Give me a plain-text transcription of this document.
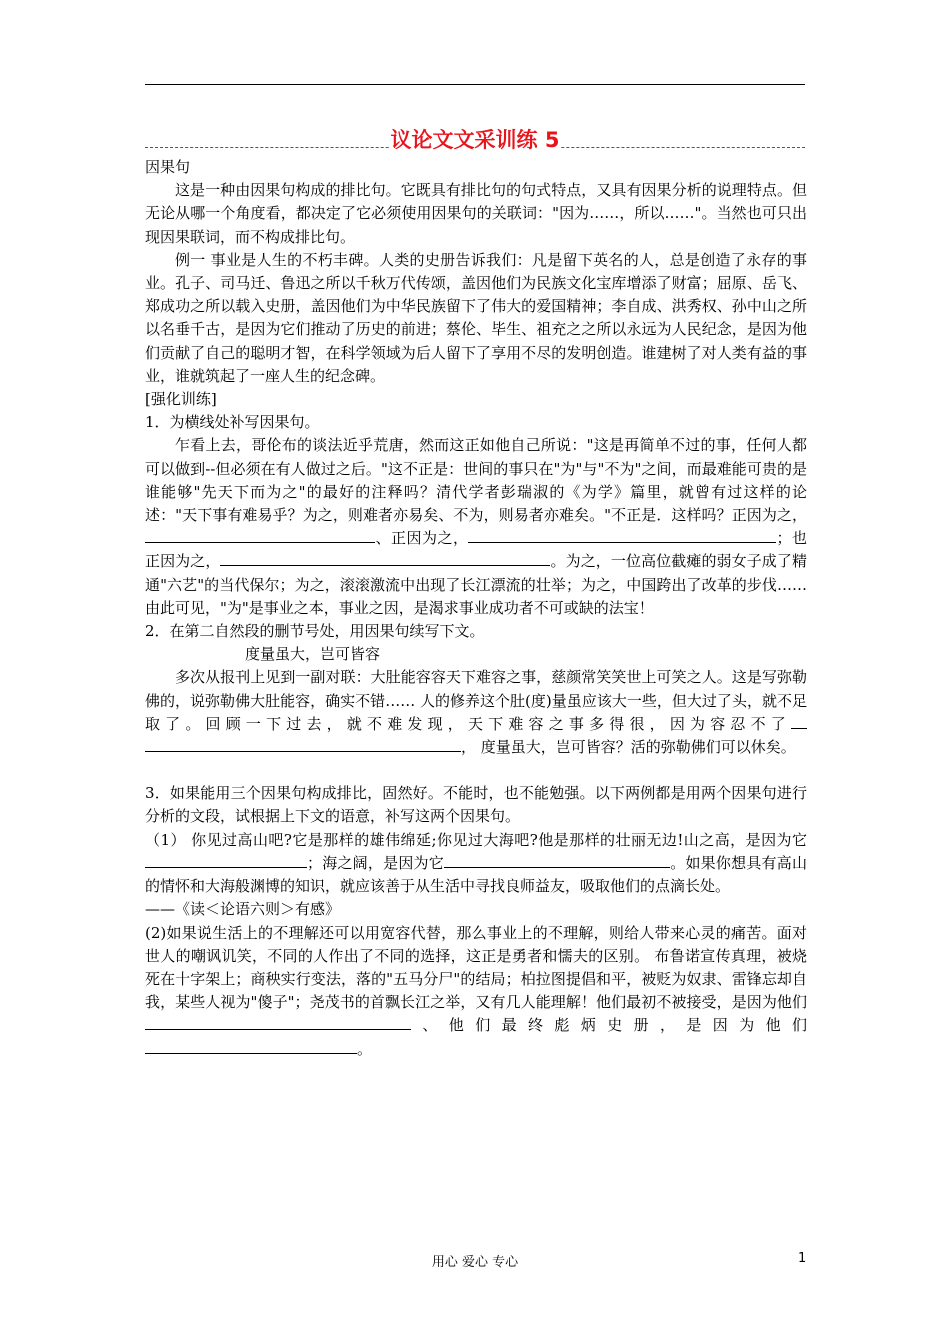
议论文文采训练 5

因果句

这是一种由因果句构成的排比句。它既具有排比句的句式特点，又具有因果分析的说理特点。但无论从哪一个角度看，都决定了它必须使用因果句的关联词："因为……，所以……"。当然也可只出现因果联词，而不构成排比句。

例一 事业是人生的不朽丰碑。人类的史册告诉我们：凡是留下英名的人，总是创造了永存的事业。孔子、司马迁、鲁迅之所以千秋万代传颂，盖因他们为民族文化宝库增添了财富；屈原、岳飞、郑成功之所以载入史册，盖因他们为中华民族留下了伟大的爱国精神；李自成、洪秀权、孙中山之所以名垂千古，是因为它们推动了历史的前进；蔡伦、毕生、祖充之之所以永远为人民纪念，是因为他们贡献了自己的聪明才智，在科学领域为后人留下了享用不尽的发明创造。谁建树了对人类有益的事业，谁就筑起了一座人生的纪念碑。

[强化训练]

1．为横线处补写因果句。

乍看上去，哥伦布的谈法近乎荒唐，然而这正如他自己所说："这是再简单不过的事，任何人都可以做到--但必须在有人做过之后。"这不正是：世间的事只在"为"与"不为"之间，而最难能可贵的是谁能够"先天下而为之"的最好的注释吗？清代学者彭瑞淑的《为学》篇里，就曾有过这样的论述："天下事有难易乎？为之，则难者亦易矣、不为，则易者亦难矣。"不正是．这样吗？正因为之，、正因为之，	；也正因为之，	。为之，一位高位截瘫的弱女子成了精通"六艺"的当代保尔；为之，滚滚激流中出现了长江漂流的壮举；为之，中国跨出了改革的步伐……由此可见，"为"是事业之本，事业之因，是渴求事业成功者不可或缺的法宝！

2．在第二自然段的删节号处，用因果句续写下文。

度量虽大，岂可皆容

多次从报刊上见到一副对联：大肚能容容天下难容之事，慈颜常笑笑世上可笑之人。这是写弥勒佛的，说弥勒佛大肚能容，确实不错…… 人的修养这个肚(度)量虽应该大一些，但大过了头，就不足取了。回顾一下过去，就不难发现，天下难容之事多得很，因为容忍不了， 度量虽大，岂可皆容？活的弥勒佛们可以休矣。

3．如果能用三个因果句构成排比，固然好。不能时，也不能勉强。以下两例都是用两个因果句进行分析的文段，试根据上下文的语意，补写这两个因果句。

（1） 你见过高山吧?它是那样的雄伟绵延;你见过大海吧?他是那样的壮丽无边!山之高，是因为它；海之阔，是因为它	。如果你想具有高山的情怀和大海般渊博的知识，就应该善于从生活中寻找良师益友，吸取他们的点滴长处。

——《读＜论语六则＞有感》

(2)如果说生活上的不理解还可以用宽容代替，那么事业上的不理解，则给人带来心灵的痛苦。面对世人的嘲讽讥笑，不同的人作出了不同的选择，这正是勇者和懦夫的区别。 布鲁诺宣传真理，被烧死在十字架上；商秧实行变法，落的"五马分尸"的结局；柏拉图提倡和平，被贬为奴隶、雷锋忘却自我，某些人视为"傻子"；尧茂书的首飘长江之举，又有几人能理解！他们最初不被接受，是因为他们、他们最终彪炳史册，是因为他们。

用心 爱心 专心	1
